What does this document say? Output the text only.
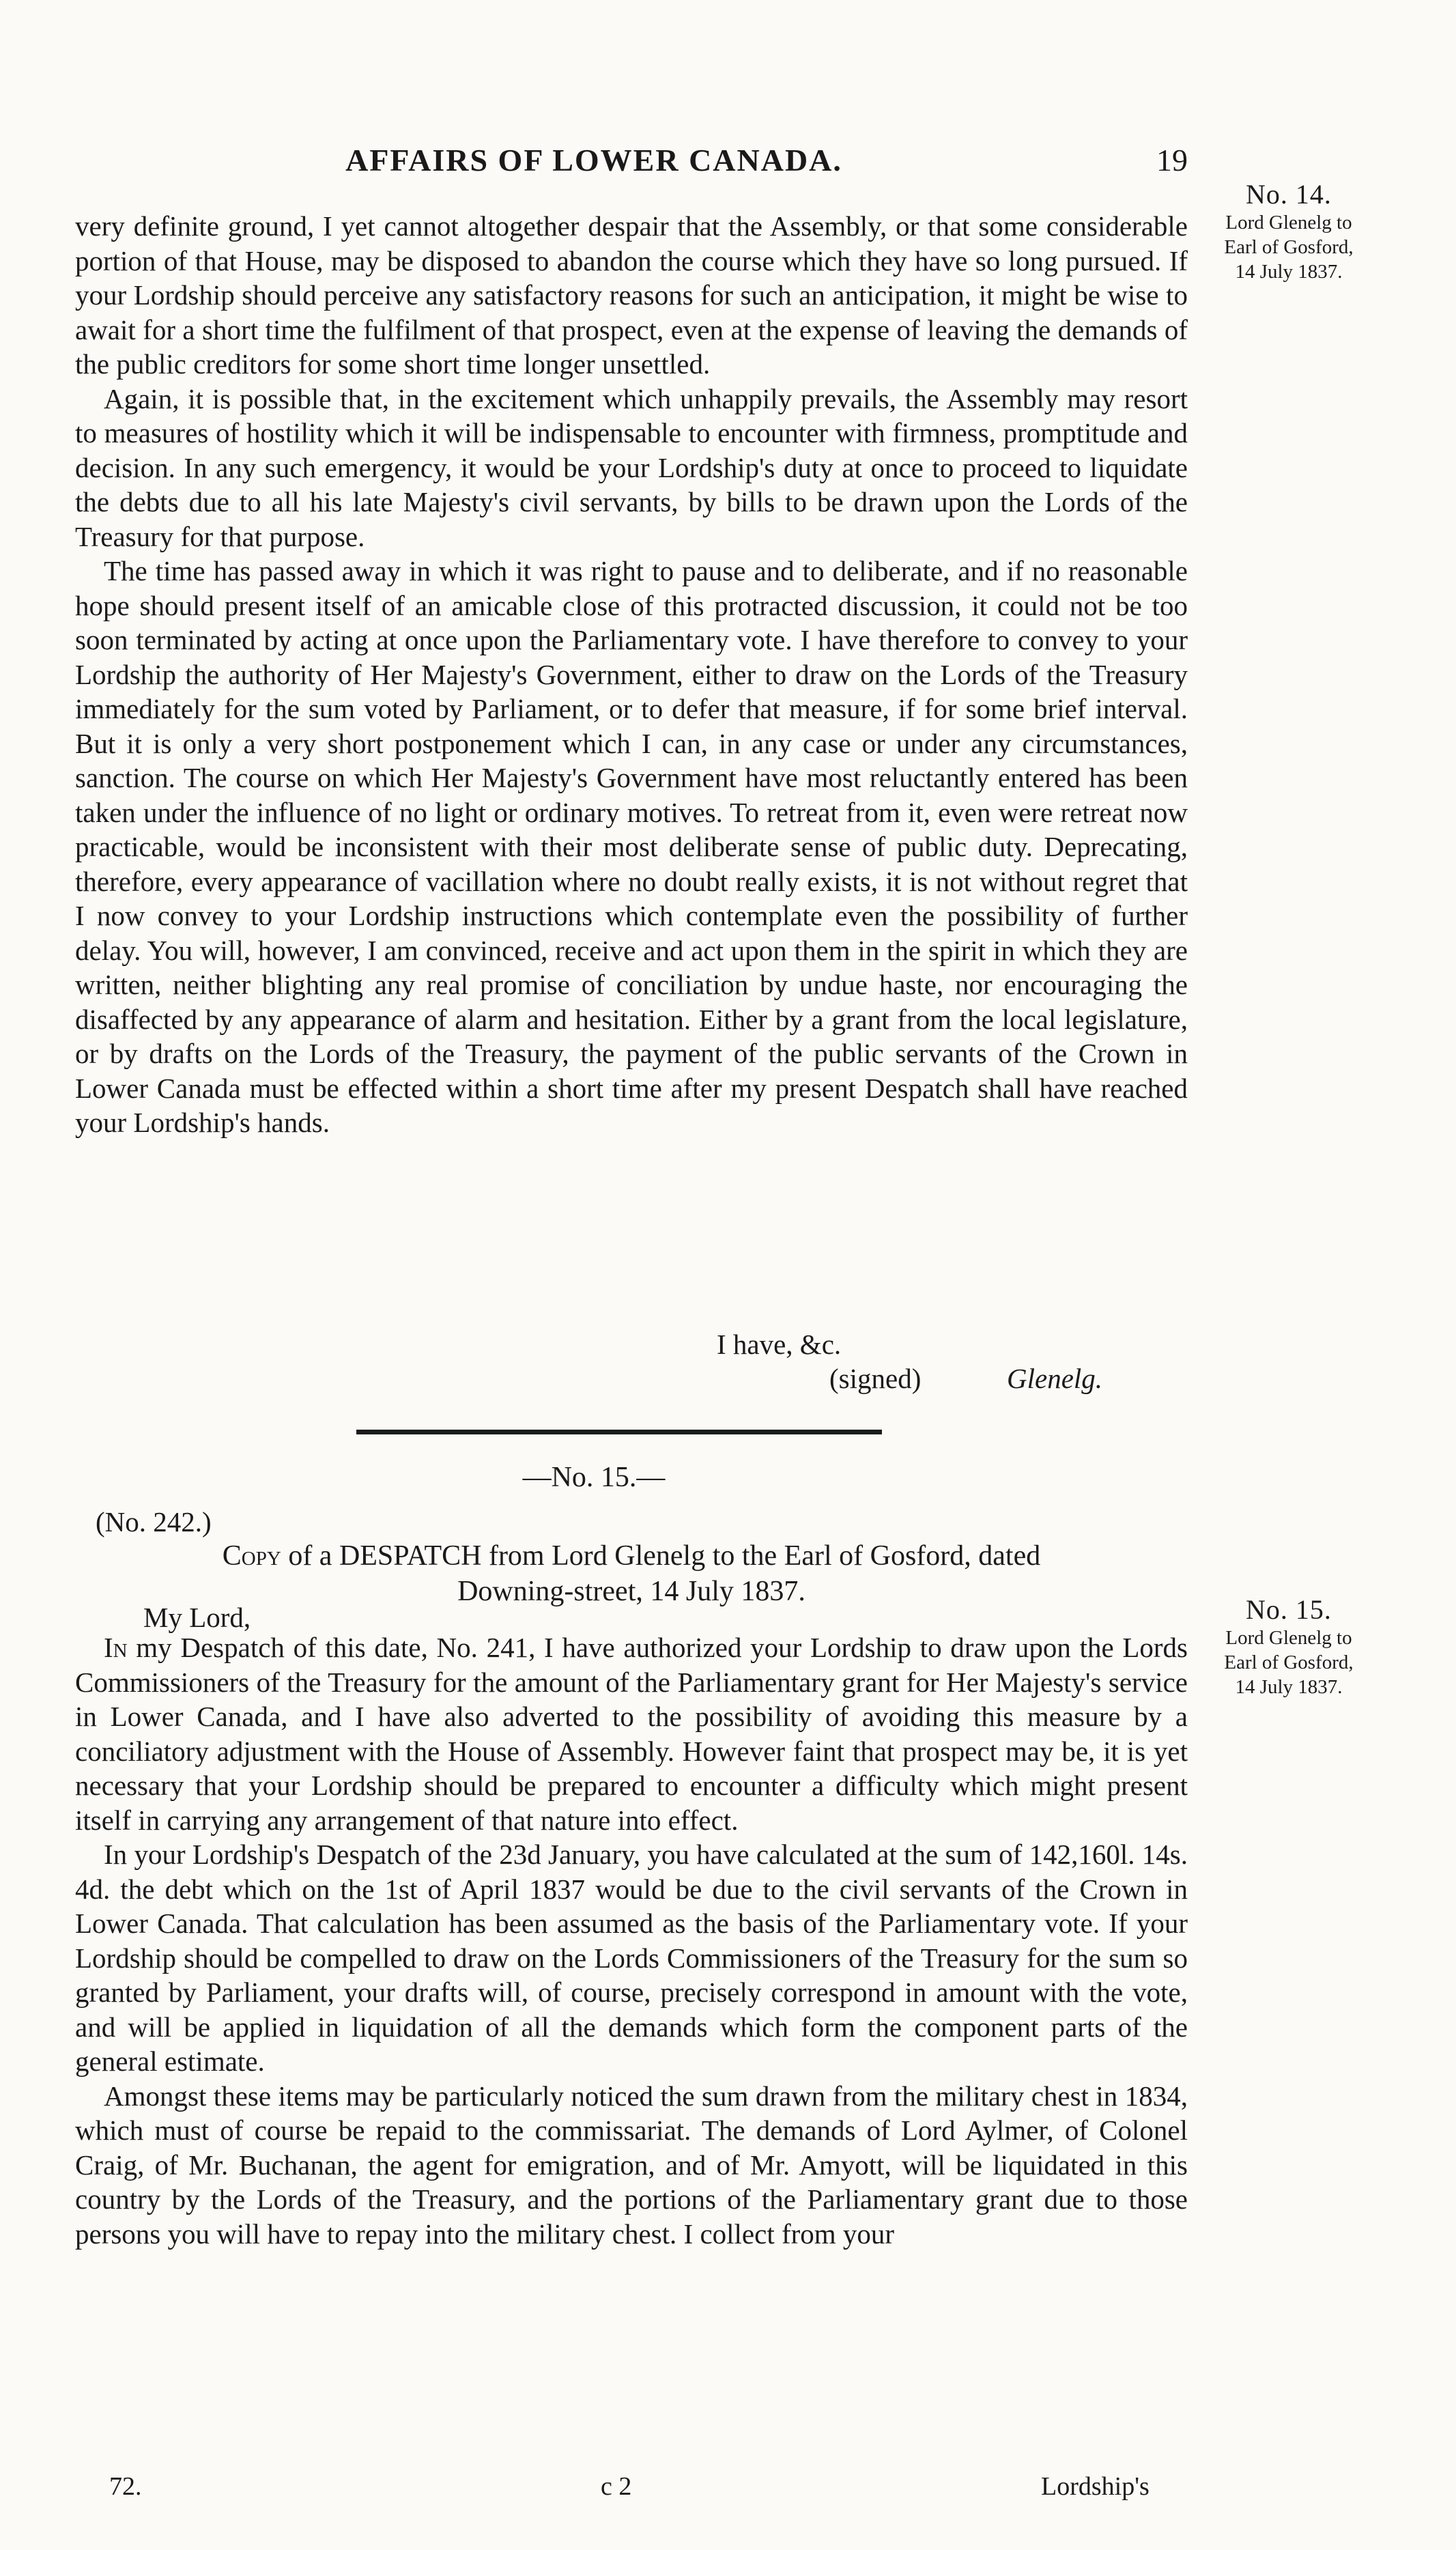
AFFAIRS OF LOWER CANADA.	19
No. 14.
Lord Glenelg to
Earl of Gosford,
14 July 1837.

very definite ground, I yet cannot altogether despair that the Assembly, or that some considerable portion of that House, may be disposed to abandon the course which they have so long pursued. If your Lordship should perceive any satisfactory reasons for such an anticipation, it might be wise to await for a short time the fulfilment of that prospect, even at the expense of leaving the demands of the public creditors for some short time longer unsettled.

Again, it is possible that, in the excitement which unhappily prevails, the Assembly may resort to measures of hostility which it will be indispensable to encounter with firmness, promptitude and decision. In any such emergency, it would be your Lordship's duty at once to proceed to liquidate the debts due to all his late Majesty's civil servants, by bills to be drawn upon the Lords of the Treasury for that purpose.

The time has passed away in which it was right to pause and to deliberate, and if no reasonable hope should present itself of an amicable close of this protracted discussion, it could not be too soon terminated by acting at once upon the Parliamentary vote. I have therefore to convey to your Lordship the authority of Her Majesty's Government, either to draw on the Lords of the Treasury immediately for the sum voted by Parliament, or to defer that measure, if for some brief interval. But it is only a very short postponement which I can, in any case or under any circumstances, sanction. The course on which Her Majesty's Government have most reluctantly entered has been taken under the influence of no light or ordinary motives. To retreat from it, even were retreat now practicable, would be inconsistent with their most deliberate sense of public duty. Deprecating, therefore, every appearance of vacillation where no doubt really exists, it is not without regret that I now convey to your Lordship instructions which contemplate even the possibility of further delay. You will, however, I am convinced, receive and act upon them in the spirit in which they are written, neither blighting any real promise of conciliation by undue haste, nor encouraging the disaffected by any appearance of alarm and hesitation. Either by a grant from the local legislature, or by drafts on the Lords of the Treasury, the payment of the public servants of the Crown in Lower Canada must be effected within a short time after my present Despatch shall have reached your Lordship's hands.

I have, &c.
(signed)	Glenelg.
—No. 15.—
(No. 242.)
Copy of a DESPATCH from Lord Glenelg to the Earl of Gosford, dated
Downing-street, 14 July 1837.
My Lord,	No. 15.
Lord Glenelg to
Earl of Gosford,
14 July 1837.

In my Despatch of this date, No. 241, I have authorized your Lordship to draw upon the Lords Commissioners of the Treasury for the amount of the Parliamentary grant for Her Majesty's service in Lower Canada, and I have also adverted to the possibility of avoiding this measure by a conciliatory adjustment with the House of Assembly. However faint that prospect may be, it is yet necessary that your Lordship should be prepared to encounter a difficulty which might present itself in carrying any arrangement of that nature into effect.

In your Lordship's Despatch of the 23d January, you have calculated at the sum of 142,160l. 14s. 4d. the debt which on the 1st of April 1837 would be due to the civil servants of the Crown in Lower Canada. That calculation has been assumed as the basis of the Parliamentary vote. If your Lordship should be compelled to draw on the Lords Commissioners of the Treasury for the sum so granted by Parliament, your drafts will, of course, precisely correspond in amount with the vote, and will be applied in liquidation of all the demands which form the component parts of the general estimate.

Amongst these items may be particularly noticed the sum drawn from the military chest in 1834, which must of course be repaid to the commissariat. The demands of Lord Aylmer, of Colonel Craig, of Mr. Buchanan, the agent for emigration, and of Mr. Amyott, will be liquidated in this country by the Lords of the Treasury, and the portions of the Parliamentary grant due to those persons you will have to repay into the military chest. I collect from your

72.	c 2	Lordship's
